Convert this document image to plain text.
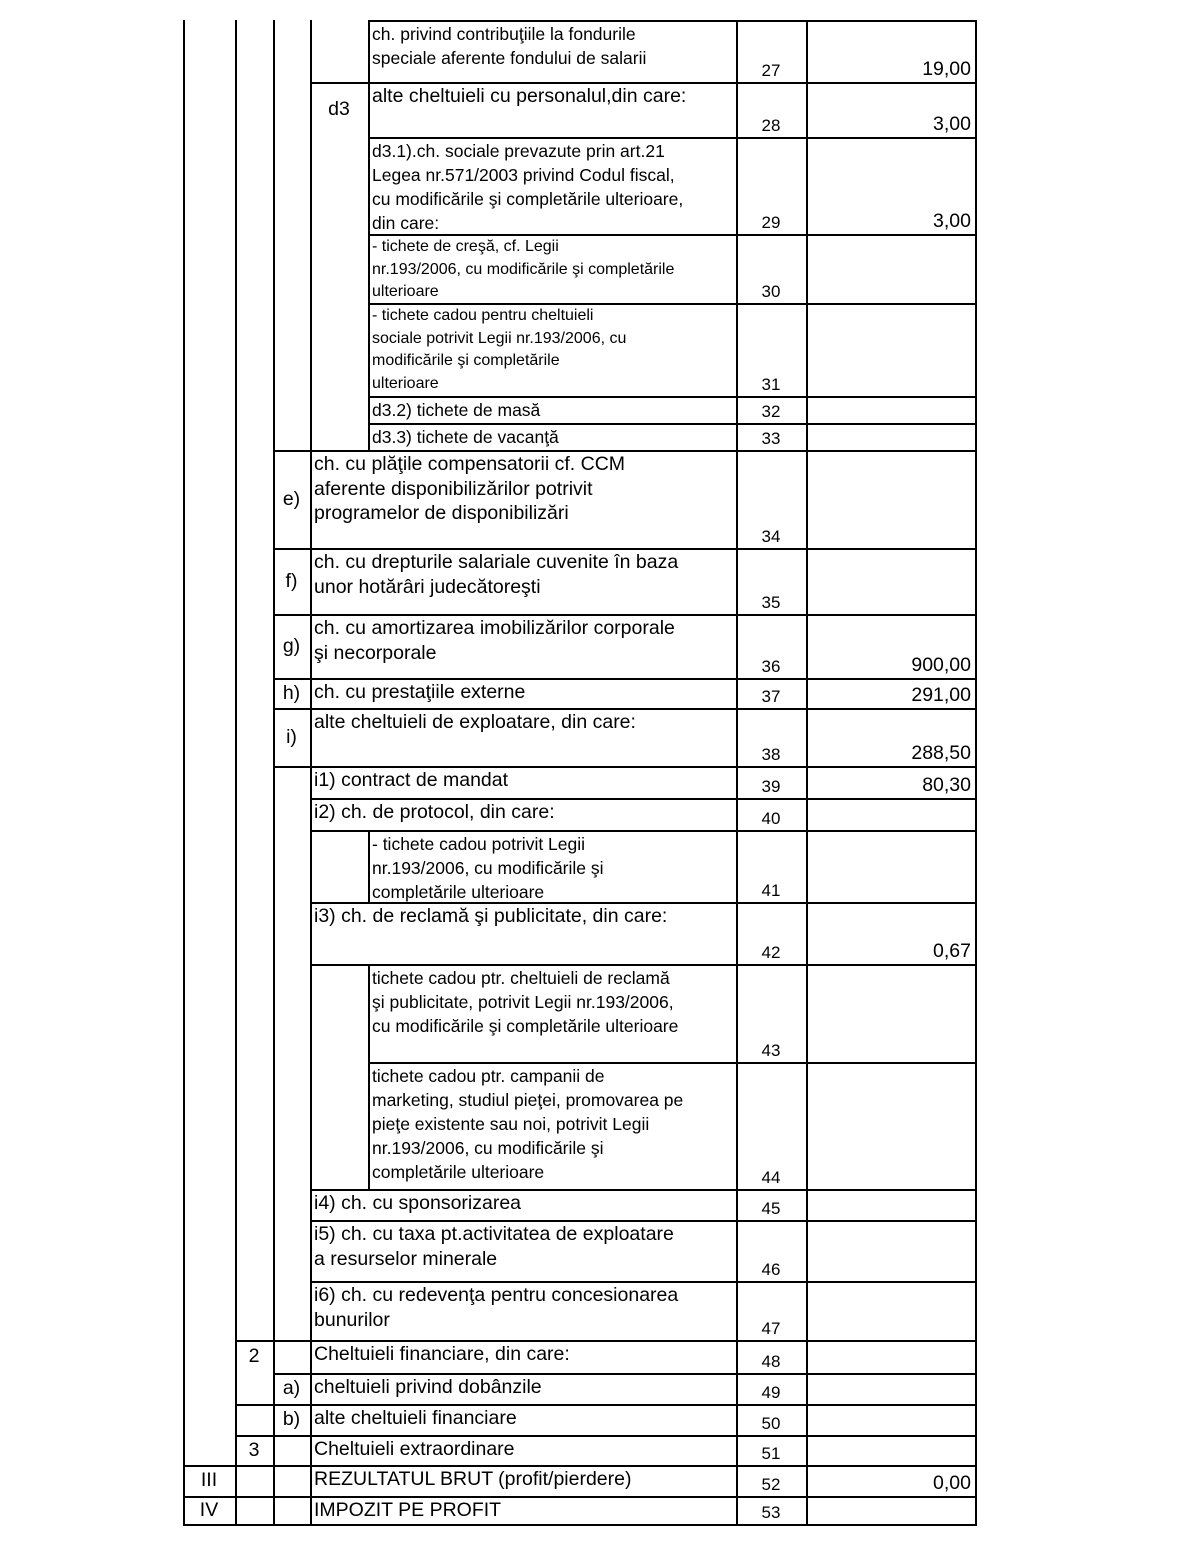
ch. privind contribuţiile la fondurile
speciale aferente fondului de salarii
27	19,00
d3
alte cheltuieli cu personalul,din care:
28	3,00
d3.1).ch. sociale prevazute prin art.21
Legea nr.571/2003 privind Codul fiscal,
cu modificările şi completările ulterioare,
din care:	29	3,00
- tichete de creşă, cf. Legii
nr.193/2006, cu modificările şi completările
ulterioare	30
- tichete cadou pentru cheltuieli
sociale potrivit Legii nr.193/2006, cu
modificările şi completările
ulterioare	31
d3.2) tichete de masă	32
d3.3) tichete de vacanţă	33
e)
ch. cu plăţile compensatorii cf. CCM
aferente disponibilizărilor potrivit
programelor de disponibilizări
34
f)
ch. cu drepturile salariale cuvenite în baza
unor hotărâri judecătoreşti
35
g)
ch. cu amortizarea imobilizărilor corporale
şi necorporale
36	900,00
h) ch. cu prestaţiile externe	37	291,00
i)
alte cheltuieli de exploatare, din care:
38	288,50
i1) contract de mandat	39	80,30
i2) ch. de protocol, din care:	40
- tichete cadou potrivit Legii
nr.193/2006, cu modificările şi
completările ulterioare	41
i3) ch. de reclamă şi publicitate, din care:
42	0,67
tichete cadou ptr. cheltuieli de reclamă
şi publicitate, potrivit Legii nr.193/2006,
cu modificările şi completările ulterioare
43
tichete cadou ptr. campanii de
marketing, studiul pieţei, promovarea pe
pieţe existente sau noi, potrivit Legii
nr.193/2006, cu modificările şi
completările ulterioare	44
i4) ch. cu sponsorizarea	45
i5) ch. cu taxa pt.activitatea de exploatare
a resurselor minerale	46
i6) ch. cu redevenţa pentru concesionarea
bunurilor	47
2	Cheltuieli financiare, din care:	48
a) cheltuieli privind dobânzile	49
b) alte cheltuieli financiare	50
3	Cheltuieli extraordinare	51
III	REZULTATUL BRUT (profit/pierdere)	52	0,00
IV	IMPOZIT PE PROFIT	53
